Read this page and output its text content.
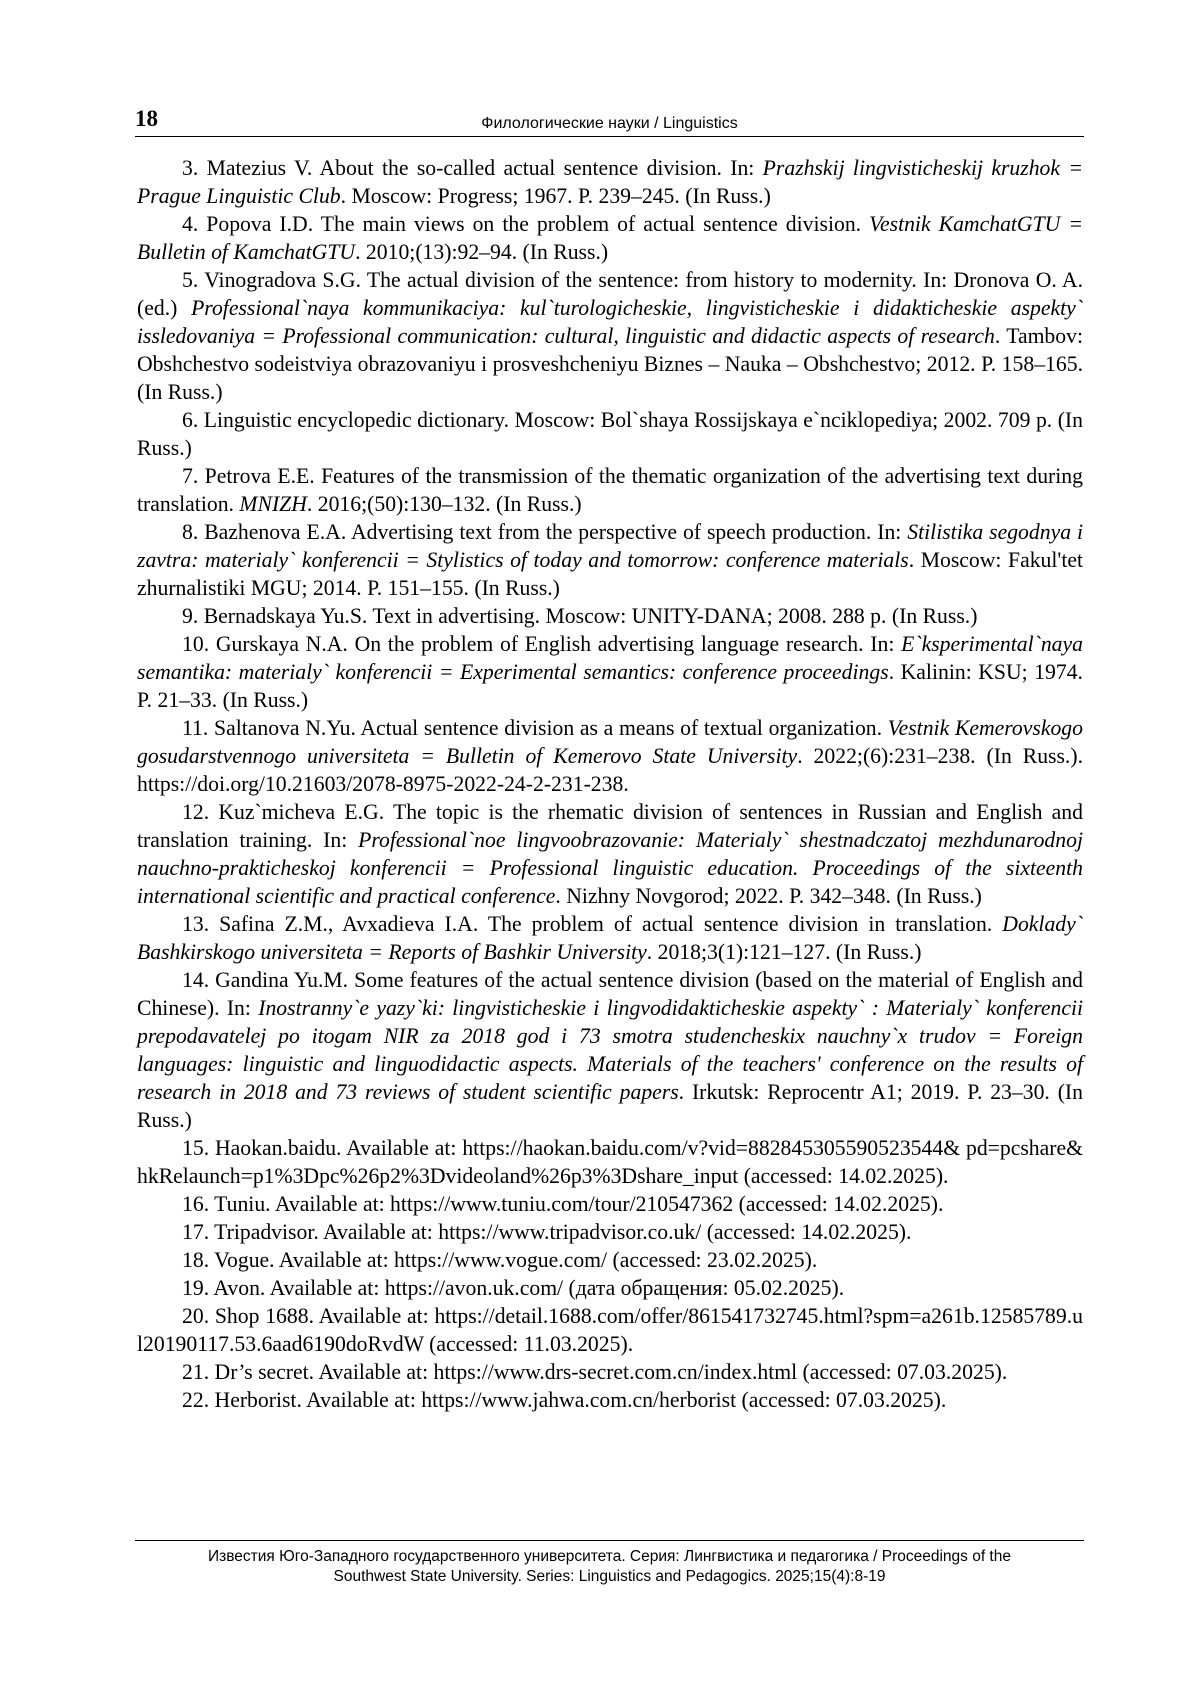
18	Филологические науки / Linguistics

3. Matezius V. About the so-called actual sentence division. In: Prazhskij lingvisticheskij kruzhok = Prague Linguistic Club. Moscow: Progress; 1967. P. 239–245. (In Russ.)

4. Popova I.D. The main views on the problem of actual sentence division. Vestnik KamchatGTU = Bulletin of KamchatGTU. 2010;(13):92–94. (In Russ.)

5. Vinogradova S.G. The actual division of the sentence: from history to modernity. In: Dronova O. A. (ed.) Professional`naya kommunikaciya: kul`turologicheskie, lingvisticheskie i didakticheskie aspekty` issledovaniya = Professional communication: cultural, linguistic and didactic aspects of research. Tambov: Obshchestvo sodeistviya obrazovaniyu i prosveshcheniyu Biznes – Nauka – Obshchestvo; 2012. P. 158–165. (In Russ.)

6. Linguistic encyclopedic dictionary. Moscow: Bol`shaya Rossijskaya e`nciklopediya; 2002. 709 p. (In Russ.)

7. Petrova E.E. Features of the transmission of the thematic organization of the advertising text during translation. MNIZH. 2016;(50):130–132. (In Russ.)

8. Bazhenova E.A. Advertising text from the perspective of speech production. In: Stilistika segodnya i zavtra: materialy` konferencii = Stylistics of today and tomorrow: conference materials. Moscow: Fakul'tet zhurnalistiki MGU; 2014. P. 151–155. (In Russ.)

9. Bernadskaya Yu.S. Text in advertising. Moscow: UNITY-DANA; 2008. 288 p. (In Russ.)

10. Gurskaya N.A. On the problem of English advertising language research. In: E`ksperimental`naya semantika: materialy` konferencii = Experimental semantics: conference proceedings. Kalinin: KSU; 1974. P. 21–33. (In Russ.)

11. Saltanova N.Yu. Actual sentence division as a means of textual organization. Vestnik Kemerovskogo gosudarstvennogo universiteta = Bulletin of Kemerovo State University. 2022;(6):231–238. (In Russ.). https://doi.org/10.21603/2078-8975-2022-24-2-231-238.

12. Kuz`micheva E.G. The topic is the rhematic division of sentences in Russian and English and translation training. In: Professional`noe lingvoobrazovanie: Materialy` shestnadczatoj mezhdunarodnoj nauchno-prakticheskoj konferencii = Professional linguistic education. Proceedings of the sixteenth international scientific and practical conference. Nizhny Novgorod; 2022. P. 342–348. (In Russ.)

13. Safina Z.M., Avxadieva I.A. The problem of actual sentence division in translation. Doklady` Bashkirskogo universiteta = Reports of Bashkir University. 2018;3(1):121–127. (In Russ.)

14. Gandina Yu.M. Some features of the actual sentence division (based on the material of English and Chinese). In: Inostranny`e yazy`ki: lingvisticheskie i lingvodidakticheskie aspekty` : Materialy` konferencii prepodavatelej po itogam NIR za 2018 god i 73 smotra studencheskix nauchny`x trudov = Foreign languages: linguistic and linguodidactic aspects. Materials of the teachers' conference on the results of research in 2018 and 73 reviews of student scientific papers. Irkutsk: Reprocentr A1; 2019. P. 23–30. (In Russ.)

15. Haokan.baidu. Available at: https://haokan.baidu.com/v?vid=882845305590523544& pd=pcshare&hkRelaunch=p1%3Dpc%26p2%3Dvideoland%26p3%3Dshare_input (accessed: 14.02.2025).

16. Tuniu. Available at: https://www.tuniu.com/tour/210547362 (accessed: 14.02.2025).

17. Tripadvisor. Available at: https://www.tripadvisor.co.uk/ (accessed: 14.02.2025).

18. Vogue. Available at: https://www.vogue.com/ (accessed: 23.02.2025).

19. Avon. Available at: https://avon.uk.com/ (дата обращения: 05.02.2025).

20. Shop 1688. Available at: https://detail.1688.com/offer/861541732745.html?spm=a261b.12585789.ul20190117.53.6aad6190doRvdW (accessed: 11.03.2025).

21. Dr’s secret. Available at: https://www.drs-secret.com.cn/index.html (accessed: 07.03.2025).

22. Herborist. Available at: https://www.jahwa.com.cn/herborist (accessed: 07.03.2025).

Известия Юго-Западного государственного университета. Серия: Лингвистика и педагогика / Proceedings of the
Southwest State University. Series: Linguistics and Pedagogics. 2025;15(4):8-19
